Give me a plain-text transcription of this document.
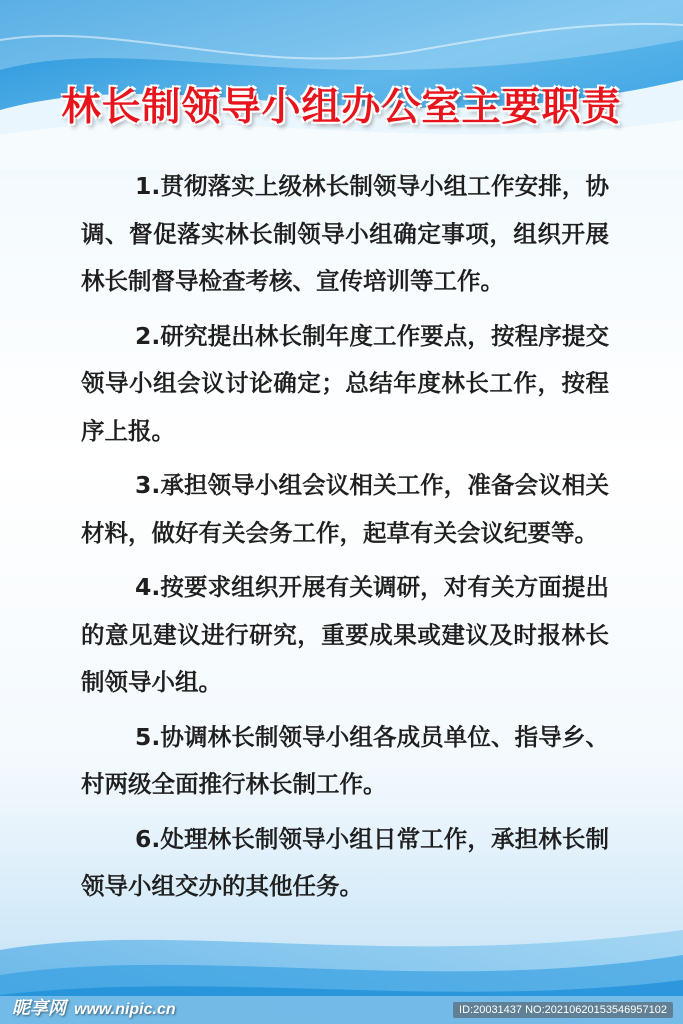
林长制领导小组办公室主要职责

1.贯彻落实上级林长制领导小组工作安排，协调、督促落实林长制领导小组确定事项，组织开展林长制督导检查考核、宣传培训等工作。

2.研究提出林长制年度工作要点，按程序提交领导小组会议讨论确定；总结年度林长工作，按程序上报。

3.承担领导小组会议相关工作，准备会议相关材料，做好有关会务工作，起草有关会议纪要等。

4.按要求组织开展有关调研，对有关方面提出的意见建议进行研究，重要成果或建议及时报林长制领导小组。

5.协调林长制领导小组各成员单位、指导乡、村两级全面推行林长制工作。

6.处理林长制领导小组日常工作，承担林长制领导小组交办的其他任务。

昵享网 www.nipic.cn	ID:20031437 NO:20210620153546957102
